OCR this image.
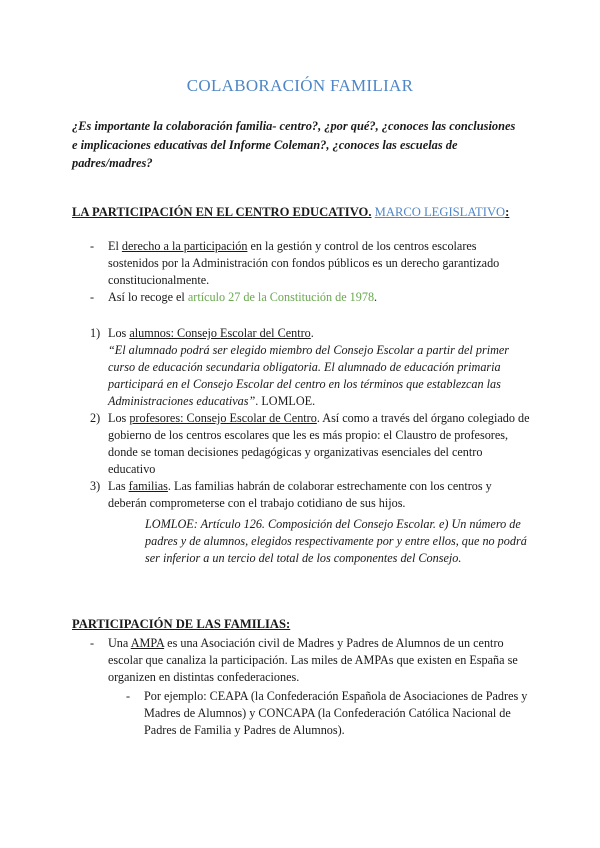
COLABORACIÓN FAMILIAR
¿Es importante la colaboración familia- centro?, ¿por qué?, ¿conoces las conclusiones e implicaciones educativas del Informe Coleman?, ¿conoces las escuelas de padres/madres?
LA PARTICIPACIÓN EN EL CENTRO EDUCATIVO. MARCO LEGISLATIVO:
- El derecho a la participación en la gestión y control de los centros escolares sostenidos por la Administración con fondos públicos es un derecho garantizado constitucionalmente.
- Así lo recoge el artículo 27 de la Constitución de 1978.
1) Los alumnos: Consejo Escolar del Centro.
“El alumnado podrá ser elegido miembro del Consejo Escolar a partir del primer curso de educación secundaria obligatoria. El alumnado de educación primaria participará en el Consejo Escolar del centro en los términos que establezcan las Administraciones educativas”. LOMLOE.
2) Los profesores: Consejo Escolar de Centro. Así como a través del órgano colegiado de gobierno de los centros escolares que les es más propio: el Claustro de profesores, donde se toman decisiones pedagógicas y organizativas esenciales del centro educativo
3) Las familias. Las familias habrán de colaborar estrechamente con los centros y deberán comprometerse con el trabajo cotidiano de sus hijos.
LOMLOE: Artículo 126. Composición del Consejo Escolar. e) Un número de padres y de alumnos, elegidos respectivamente por y entre ellos, que no podrá ser inferior a un tercio del total de los componentes del Consejo.
PARTICIPACIÓN DE LAS FAMILIAS:
- Una AMPA es una Asociación civil de Madres y Padres de Alumnos de un centro escolar que canaliza la participación. Las miles de AMPAs que existen en España se organizen en distintas confederaciones.
- Por ejemplo: CEAPA (la Confederación Española de Asociaciones de Padres y Madres de Alumnos) y CONCAPA (la Confederación Católica Nacional de Padres de Familia y Padres de Alumnos).
